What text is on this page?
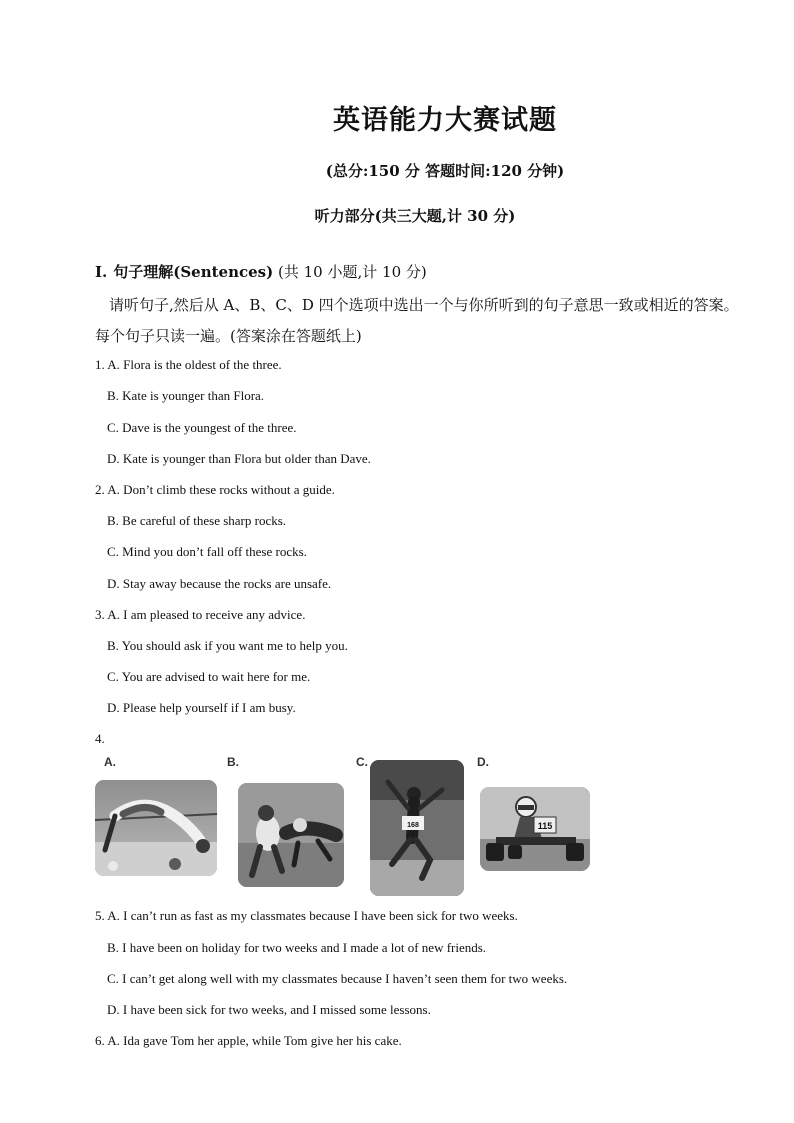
英语能力大赛试题
(总分:150 分 答题时间:120 分钟)
听力部分(共三大题,计 30 分)
I. 句子理解(Sentences) (共 10 小题,计 10 分)
请听句子,然后从 A、B、C、D 四个选项中选出一个与你所听到的句子意思一致或相近的答案。每个句子只读一遍。(答案涂在答题纸上)
1. A. Flora is the oldest of the three.
B. Kate is younger than Flora.
C. Dave is the youngest of the three.
D. Kate is younger than Flora but older than Dave.
2. A. Don’t climb these rocks without a guide.
B. Be careful of these sharp rocks.
C. Mind you don’t fall off these rocks.
D. Stay away because the rocks are unsafe.
3. A. I am pleased to receive any advice.
B. You should ask if you want me to help you.
C. You are advised to wait here for me.
D. Please help yourself if I am busy.
4.
A.	B.	C.	D.
168	115
5. A. I can’t run as fast as my classmates because I have been sick for two weeks.
B. I have been on holiday for two weeks and I made a lot of new friends.
C. I can’t get along well with my classmates because I haven’t seen them for two weeks.
D. I have been sick for two weeks, and I missed some lessons.
6. A. Ida gave Tom her apple, while Tom give her his cake.
